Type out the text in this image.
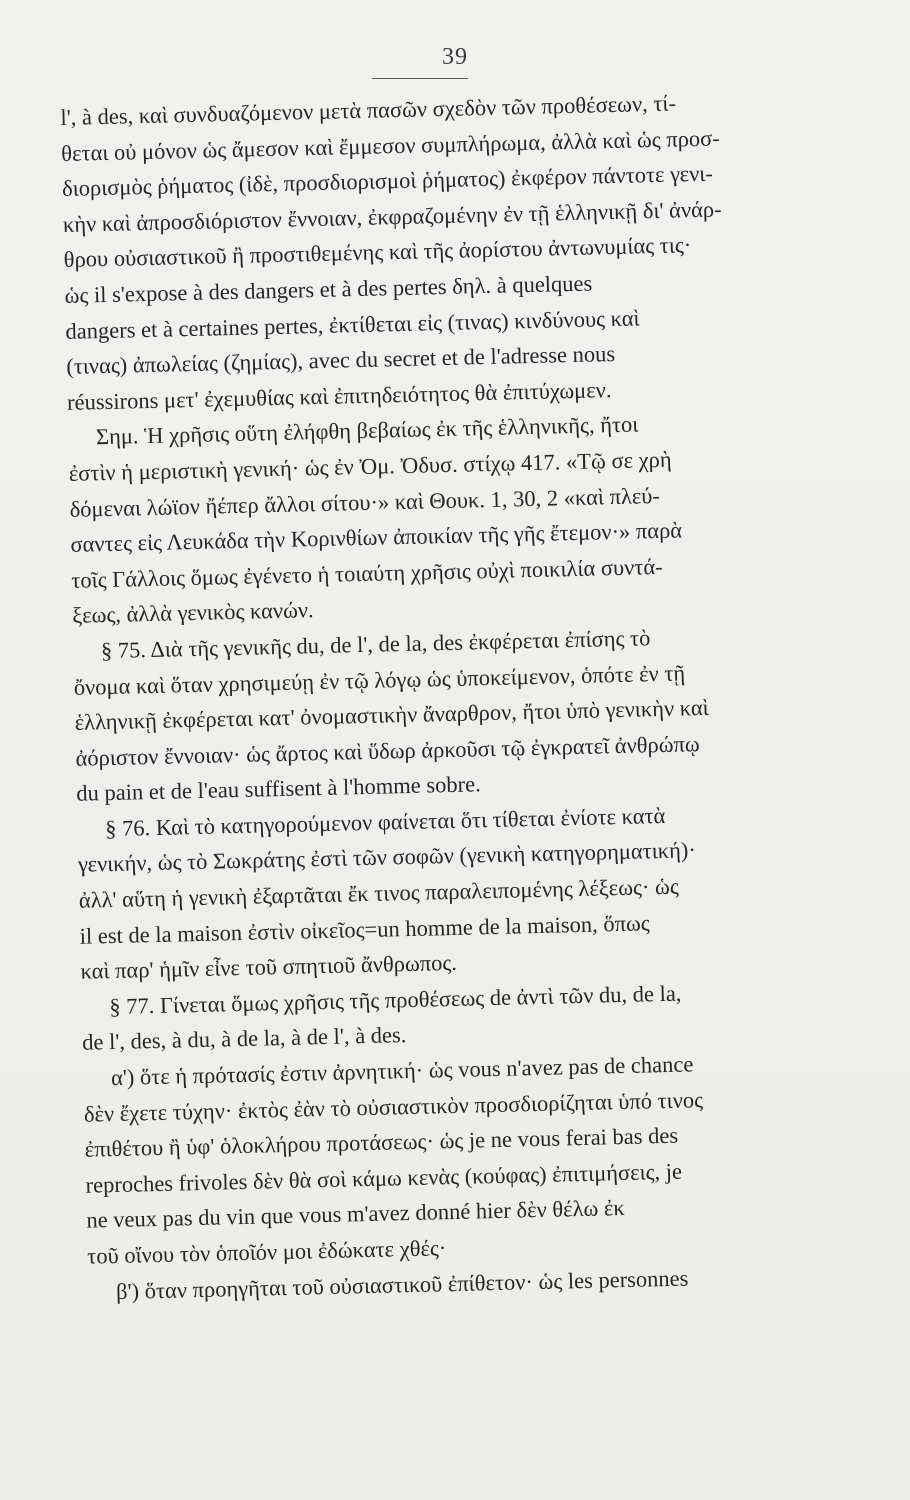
39
l', à des, καὶ συνδυαζόμενον μετὰ πασῶν σχεδὸν τῶν προθέσεων, τί-
θεται οὐ μόνον ὡς ἄμεσον καὶ ἔμμεσον συμπλήρωμα, ἀλλὰ καὶ ὡς προσ-
διορισμὸς ῥήματος (ἰδὲ, προσδιορισμοὶ ῥήματος) ἐκφέρον πάντοτε γενι-
κὴν καὶ ἀπροσδιόριστον ἔννοιαν, ἐκφραζομένην ἐν τῇ ἑλληνικῇ δι' ἀνάρ-
θρου οὐσιαστικοῦ ἢ προστιθεμένης καὶ τῆς ἀορίστου ἀντωνυμίας τις·
ὡς il s'expose à des dangers et à des pertes δηλ. à quelques
dangers et à certaines pertes, ἐκτίθεται εἰς (τινας) κινδύνους καὶ
(τινας) ἀπωλείας (ζημίας), avec du secret et de l'adresse nous
réussirons μετ' ἐχεμυθίας καὶ ἐπιτηδειότητος θὰ ἐπιτύχωμεν.
Σημ. Ἡ χρῆσις οὕτη ἐλήφθη βεβαίως ἐκ τῆς ἑλληνικῆς, ἤτοι
ἐστὶν ἡ μεριστικὴ γενική· ὡς ἐν Ὀμ. Ὀδυσ. στίχῳ 417. «Τῷ σε χρὴ
δόμεναι λώϊον ἤέπερ ἄλλοι σίτου·» καὶ Θουκ. 1, 30, 2 «καὶ πλεύ-
σαντες εἰς Λευκάδα τὴν Κορινθίων ἀποικίαν τῆς γῆς ἔτεμον·» παρὰ
τοῖς Γάλλοις ὅμως ἐγένετο ἡ τοιαύτη χρῆσις οὐχὶ ποικιλία συντά-
ξεως, ἀλλὰ γενικὸς κανών.
§ 75. Διὰ τῆς γενικῆς du, de l', de la, des ἐκφέρεται ἐπίσης τὸ
ὄνομα καὶ ὅταν χρησιμεύῃ ἐν τῷ λόγῳ ὡς ὑποκείμενον, ὁπότε ἐν τῇ
ἑλληνικῇ ἐκφέρεται κατ' ὀνομαστικὴν ἄναρθρον, ἤτοι ὑπὸ γενικὴν καὶ
ἀόριστον ἔννοιαν· ὡς ἄρτος καὶ ὕδωρ ἀρκοῦσι τῷ ἐγκρατεῖ ἀνθρώπῳ
du pain et de l'eau suffisent à l'homme sobre.
§ 76. Καὶ τὸ κατηγορούμενον φαίνεται ὅτι τίθεται ἐνίοτε κατὰ
γενικήν, ὡς τὸ Σωκράτης ἐστὶ τῶν σοφῶν (γενικὴ κατηγορηματική)·
ἀλλ' αὕτη ἡ γενικὴ ἐξαρτᾶται ἔκ τινος παραλειπομένης λέξεως· ὡς
il est de la maison ἐστὶν οἰκεῖος=un homme de la maison, ὅπως
καὶ παρ' ἡμῖν εἶνε τοῦ σπητιοῦ ἄνθρωπος.
§ 77. Γίνεται ὅμως χρῆσις τῆς προθέσεως de ἀντὶ τῶν du, de la,
de l', des, à du, à de la, à de l', à des.
α') ὅτε ἡ πρότασίς ἐστιν ἀρνητική· ὡς vous n'avez pas de chance
δὲν ἔχετε τύχην· ἐκτὸς ἐὰν τὸ οὐσιαστικὸν προσδιορίζηται ὑπό τινος
ἐπιθέτου ἢ ὑφ' ὁλοκλήρου προτάσεως· ὡς je ne vous ferai bas des
reproches frivoles δὲν θὰ σοὶ κάμω κενὰς (κούφας) ἐπιτιμήσεις, je
ne veux pas du vin que vous m'avez donné hier δὲν θέλω ἐκ
τοῦ οἴνου τὸν ὁποῖόν μοι ἐδώκατε χθές·
β') ὅταν προηγῆται τοῦ οὐσιαστικοῦ ἐπίθετον· ὡς les personnes
